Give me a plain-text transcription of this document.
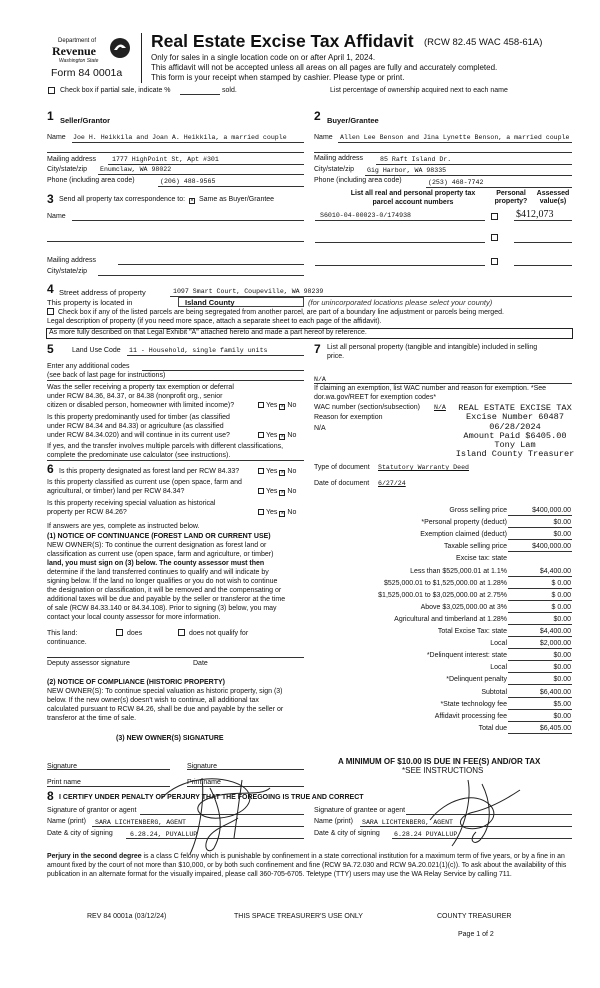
Department of
Revenue
Washington State
Form 84 0001a
Real Estate Excise Tax Affidavit (RCW 82.45 WAC 458-61A)
Only for sales in a single location code on or after April 1, 2024.
This affidavit will not be accepted unless all areas on all pages are fully and accurately completed.
This form is your receipt when stamped by cashier. Please type or print.
Check box if partial sale, indicate %	sold.	List percentage of ownership acquired next to each name
1 Seller/Grantor
Name Joe H. Heikkila and Joan A. Heikkila, a married couple
Mailing address 1777 HighPoint St, Apt #301
City/state/zip Enumclaw, WA 98022
Phone (including area code)	(206) 488-9565
2 Buyer/Grantee
Name Allen Lee Benson and Jina Lynette Benson, a married couple
Mailing address	85 Raft Island Dr.
City/state/zip Gig Harbor, WA 98335
Phone (including area code)	(253) 468-7742
3 Send all property tax correspondence to: × Same as Buyer/Grantee
Name
Mailing address
City/state/zip
List all real and personal property tax
parcel account numbers
Personal property?
Assessed value(s)
S6010-04-00023-0/174938	$412,073
4 Street address of property	1097 Smart Court, Coupeville, WA 98239
This property is located in	Island County	(for unincorporated locations please select your county)
Check box if any of the listed parcels are being segregated from another parcel, are part of a boundary line adjustment or parcels being merged.
Legal description of property (if you need more space, attach a separate sheet to each page of the affidavit).
As more fully described on that Legal Exhibit "A" attached hereto and made a part hereof by reference.
5	Land Use Code 11 - Household, single family units
Enter any additional codes
(see back of last page for instructions)
Was the seller receiving a property tax exemption or deferral
under RCW 84.36, 84.37, or 84.38 (nonprofit org., senior
citizen or disabled person, homeowner with limited income)?	Yes × No
Is this property predominantly used for timber (as classified
under RCW 84.34 and 84.33) or agriculture (as classified
under RCW 84.34.020) and will continue in its current use?	Yes × No
If yes, and the transfer involves multiple parcels with different classifications,
complete the predominate use calculator (see instructions).
7 List all personal property (tangible and intangible) included in selling
price.
N/A
If claiming an exemption, list WAC number and reason for exemption. *See
dor.wa.gov/REET for exemption codes*
WAC number (section/subsection) N/A
Reason for exemption
N/A
REAL ESTATE EXCISE TAX
Excise Number 60487
06/28/2024
Amount Paid $6405.00
Tony Lam
Island County Treasurer
6 Is this property designated as forest land per RCW 84.33?	Yes × No
Is this property classified as current use (open space, farm and
agricultural, or timber) land per RCW 84.34?	Yes × No
Is this property receiving special valuation as historical
property per RCW 84.26?	Yes × No
If answers are yes, complete as instructed below.
(1) NOTICE OF CONTINUANCE (FOREST LAND OR CURRENT USE)
NEW OWNER(S): To continue the current designation as forest land or
classification as current use (open space, farm and agriculture, or timber)
land, you must sign on (3) below. The county assessor must then
determine if the land transferred continues to qualify and will indicate by
signing below. If the land no longer qualifies or you do not wish to continue
the designation or classification, it will be removed and the compensating or
additional taxes will be due and payable by the seller or transferor at the time
of sale (RCW 84.33.140 or 84.34.108). Prior to signing (3) below, you may
contact your local county assessor for more information.
This land:
continuance.
does	does not qualify for
Deputy assessor signature	Date
(2) NOTICE OF COMPLIANCE (HISTORIC PROPERTY)
NEW OWNER(S): To continue special valuation as historic property, sign (3)
below. If the new owner(s) doesn't wish to continue, all additional tax
calculated pursuant to RCW 84.26, shall be due and payable by the seller or
transferor at the time of sale.
(3) NEW OWNER(S) SIGNATURE
Signature	Signature
Print name	Print name
Type of document Statutory Warranty Deed
Date of document 6/27/24
Gross selling price	$400,000.00
*Personal property (deduct)	$0.00
Exemption claimed (deduct)	$0.00
Taxable selling price	$400,000.00
Excise tax: state
Less than $525,000.01 at 1.1%	$4,400.00
$525,000.01 to $1,525,000.00 at 1.28%	$ 0.00
$1,525,000.01 to $3,025,000.00 at 2.75%	$ 0.00
Above $3,025,000.00 at 3%	$ 0.00
Agricultural and timberland at 1.28%	$0.00
Total Excise Tax: state	$4,400.00
Local	$2,000.00
*Delinquent interest: state	$0.00
Local	$0.00
*Delinquent penalty	$0.00
Subtotal	$6,400.00
*State technology fee	$5.00
Affidavit processing fee	$0.00
Total due	$6,405.00
A MINIMUM OF $10.00 IS DUE IN FEE(S) AND/OR TAX
*SEE INSTRUCTIONS
8 I CERTIFY UNDER PENALTY OF PERJURY THAT THE FOREGOING IS TRUE AND CORRECT
Signature of grantor or agent
Name (print) SARA LICHTENBERG, AGENT
Date & city of signing	6.28.24, PUYALLUP
Signature of grantee or agent
Name (print) SARA LICHTENBERG, AGENT
Date & city of signing 6.28.24 PUYALLUP
Perjury in the second degree is a class C felony which is punishable by confinement in a state correctional institution for a maximum term of five years, or by a fine in an amount fixed by the court of not more than $10,000, or by both such confinement and fine (RCW 9A.72.030 and RCW 9A.20.021(1)(c)). To ask about the availability of this publication in an alternate format for the visually impaired, please call 360-705-6705. Teletype (TTY) users may use the WA Relay Service by calling 711.
REV 84 0001a (03/12/24)	THIS SPACE TREASURER'S USE ONLY	COUNTY TREASURER
Page 1 of 2
